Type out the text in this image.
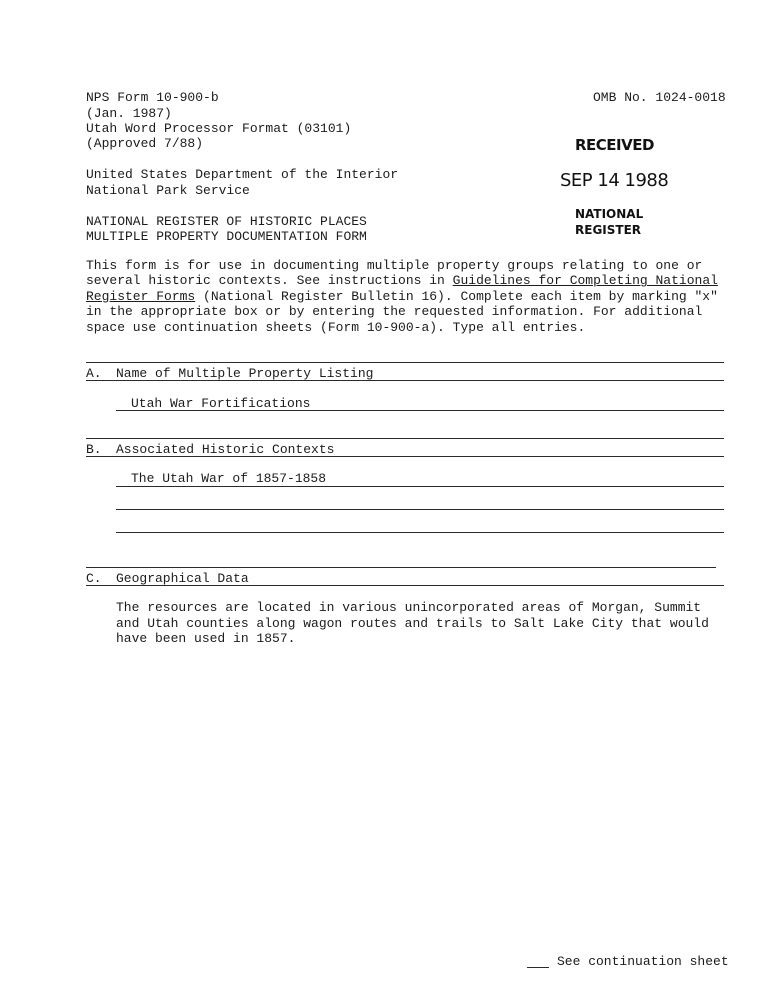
NPS Form 10-900-b
(Jan. 1987)
Utah Word Processor Format (03101)
(Approved 7/88)
OMB No. 1024-0018
RECEIVED
SEP 14 1988
NATIONAL
REGISTER
United States Department of the Interior
National Park Service
NATIONAL REGISTER OF HISTORIC PLACES
MULTIPLE PROPERTY DOCUMENTATION FORM
This form is for use in documenting multiple property groups relating to one or several historic contexts. See instructions in Guidelines for Completing National Register Forms (National Register Bulletin 16). Complete each item by marking "x" in the appropriate box or by entering the requested information. For additional space use continuation sheets (Form 10-900-a). Type all entries.
A. Name of Multiple Property Listing
Utah War Fortifications
B. Associated Historic Contexts
The Utah War of 1857-1858
C. Geographical Data
The resources are located in various unincorporated areas of Morgan, Summit and Utah counties along wagon routes and trails to Salt Lake City that would have been used in 1857.
See continuation sheet
